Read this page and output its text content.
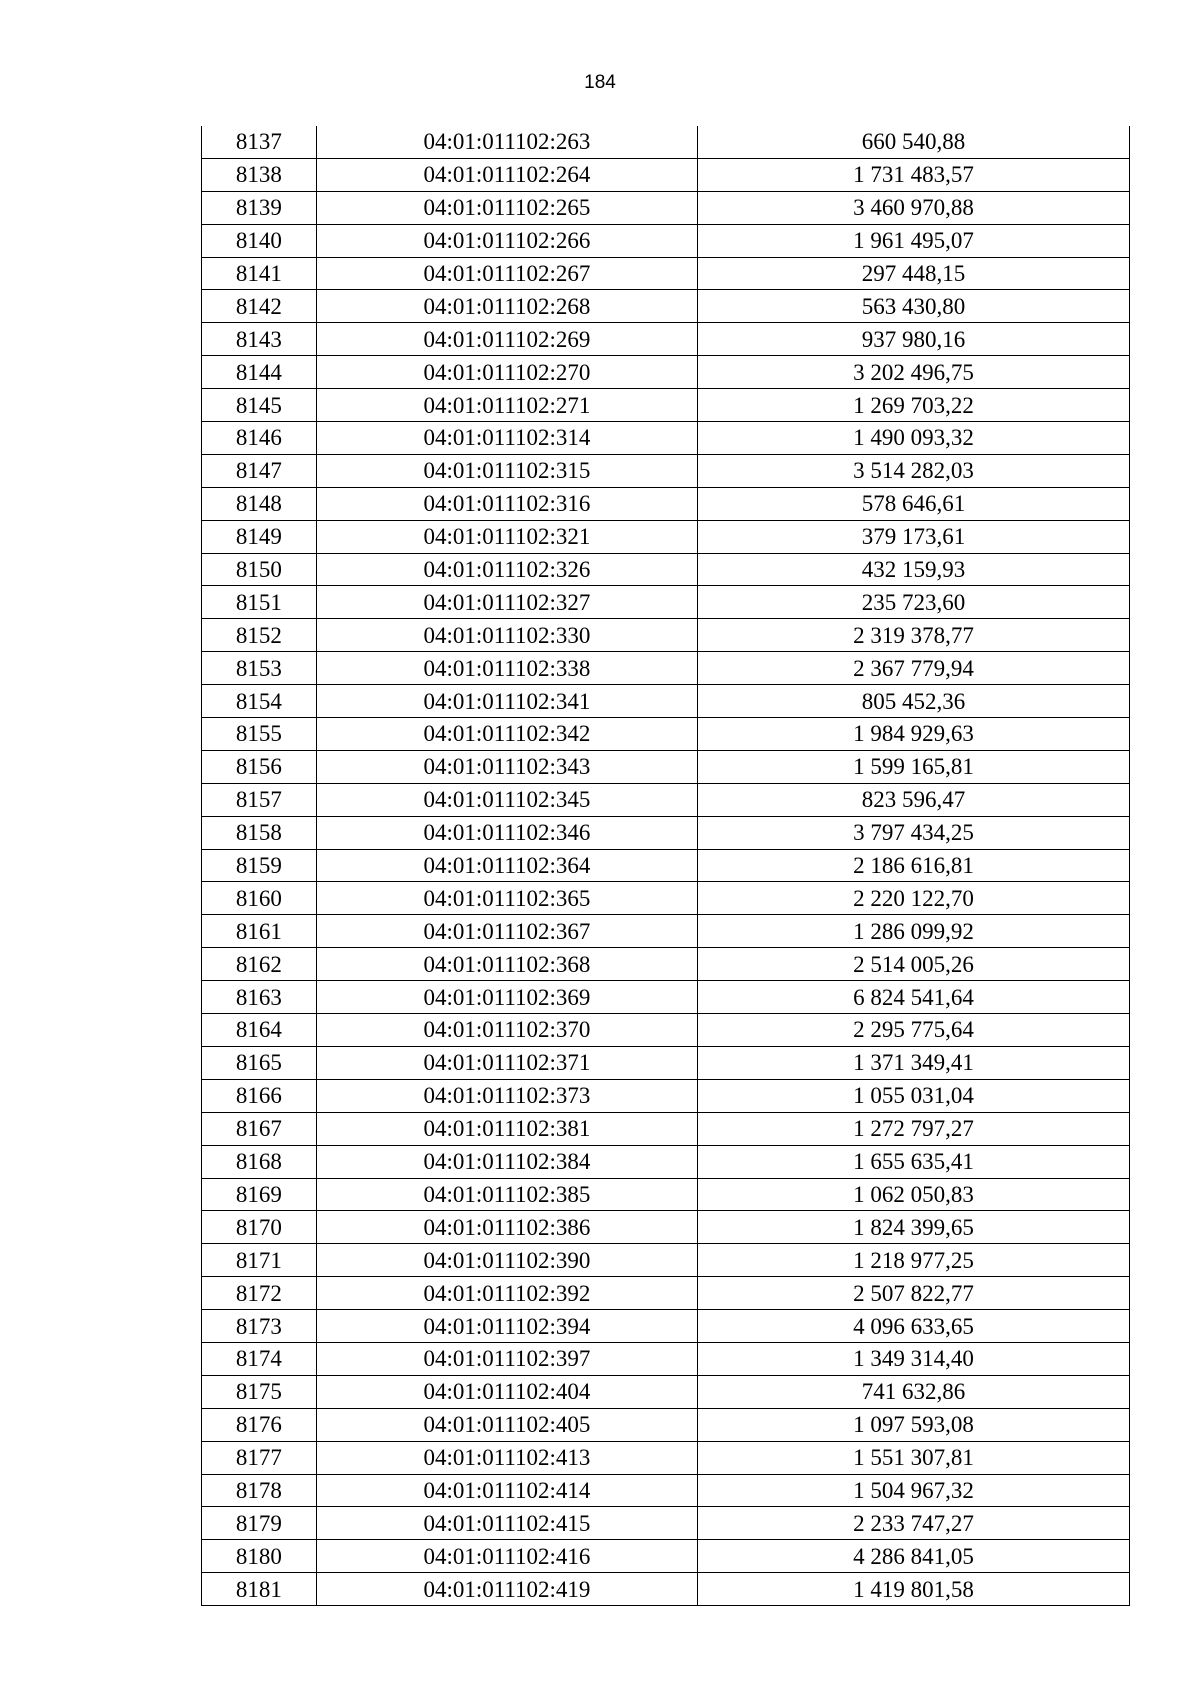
184
8137	04:01:011102:263	660 540,88
8138	04:01:011102:264	1 731 483,57
8139	04:01:011102:265	3 460 970,88
8140	04:01:011102:266	1 961 495,07
8141	04:01:011102:267	297 448,15
8142	04:01:011102:268	563 430,80
8143	04:01:011102:269	937 980,16
8144	04:01:011102:270	3 202 496,75
8145	04:01:011102:271	1 269 703,22
8146	04:01:011102:314	1 490 093,32
8147	04:01:011102:315	3 514 282,03
8148	04:01:011102:316	578 646,61
8149	04:01:011102:321	379 173,61
8150	04:01:011102:326	432 159,93
8151	04:01:011102:327	235 723,60
8152	04:01:011102:330	2 319 378,77
8153	04:01:011102:338	2 367 779,94
8154	04:01:011102:341	805 452,36
8155	04:01:011102:342	1 984 929,63
8156	04:01:011102:343	1 599 165,81
8157	04:01:011102:345	823 596,47
8158	04:01:011102:346	3 797 434,25
8159	04:01:011102:364	2 186 616,81
8160	04:01:011102:365	2 220 122,70
8161	04:01:011102:367	1 286 099,92
8162	04:01:011102:368	2 514 005,26
8163	04:01:011102:369	6 824 541,64
8164	04:01:011102:370	2 295 775,64
8165	04:01:011102:371	1 371 349,41
8166	04:01:011102:373	1 055 031,04
8167	04:01:011102:381	1 272 797,27
8168	04:01:011102:384	1 655 635,41
8169	04:01:011102:385	1 062 050,83
8170	04:01:011102:386	1 824 399,65
8171	04:01:011102:390	1 218 977,25
8172	04:01:011102:392	2 507 822,77
8173	04:01:011102:394	4 096 633,65
8174	04:01:011102:397	1 349 314,40
8175	04:01:011102:404	741 632,86
8176	04:01:011102:405	1 097 593,08
8177	04:01:011102:413	1 551 307,81
8178	04:01:011102:414	1 504 967,32
8179	04:01:011102:415	2 233 747,27
8180	04:01:011102:416	4 286 841,05
8181	04:01:011102:419	1 419 801,58
